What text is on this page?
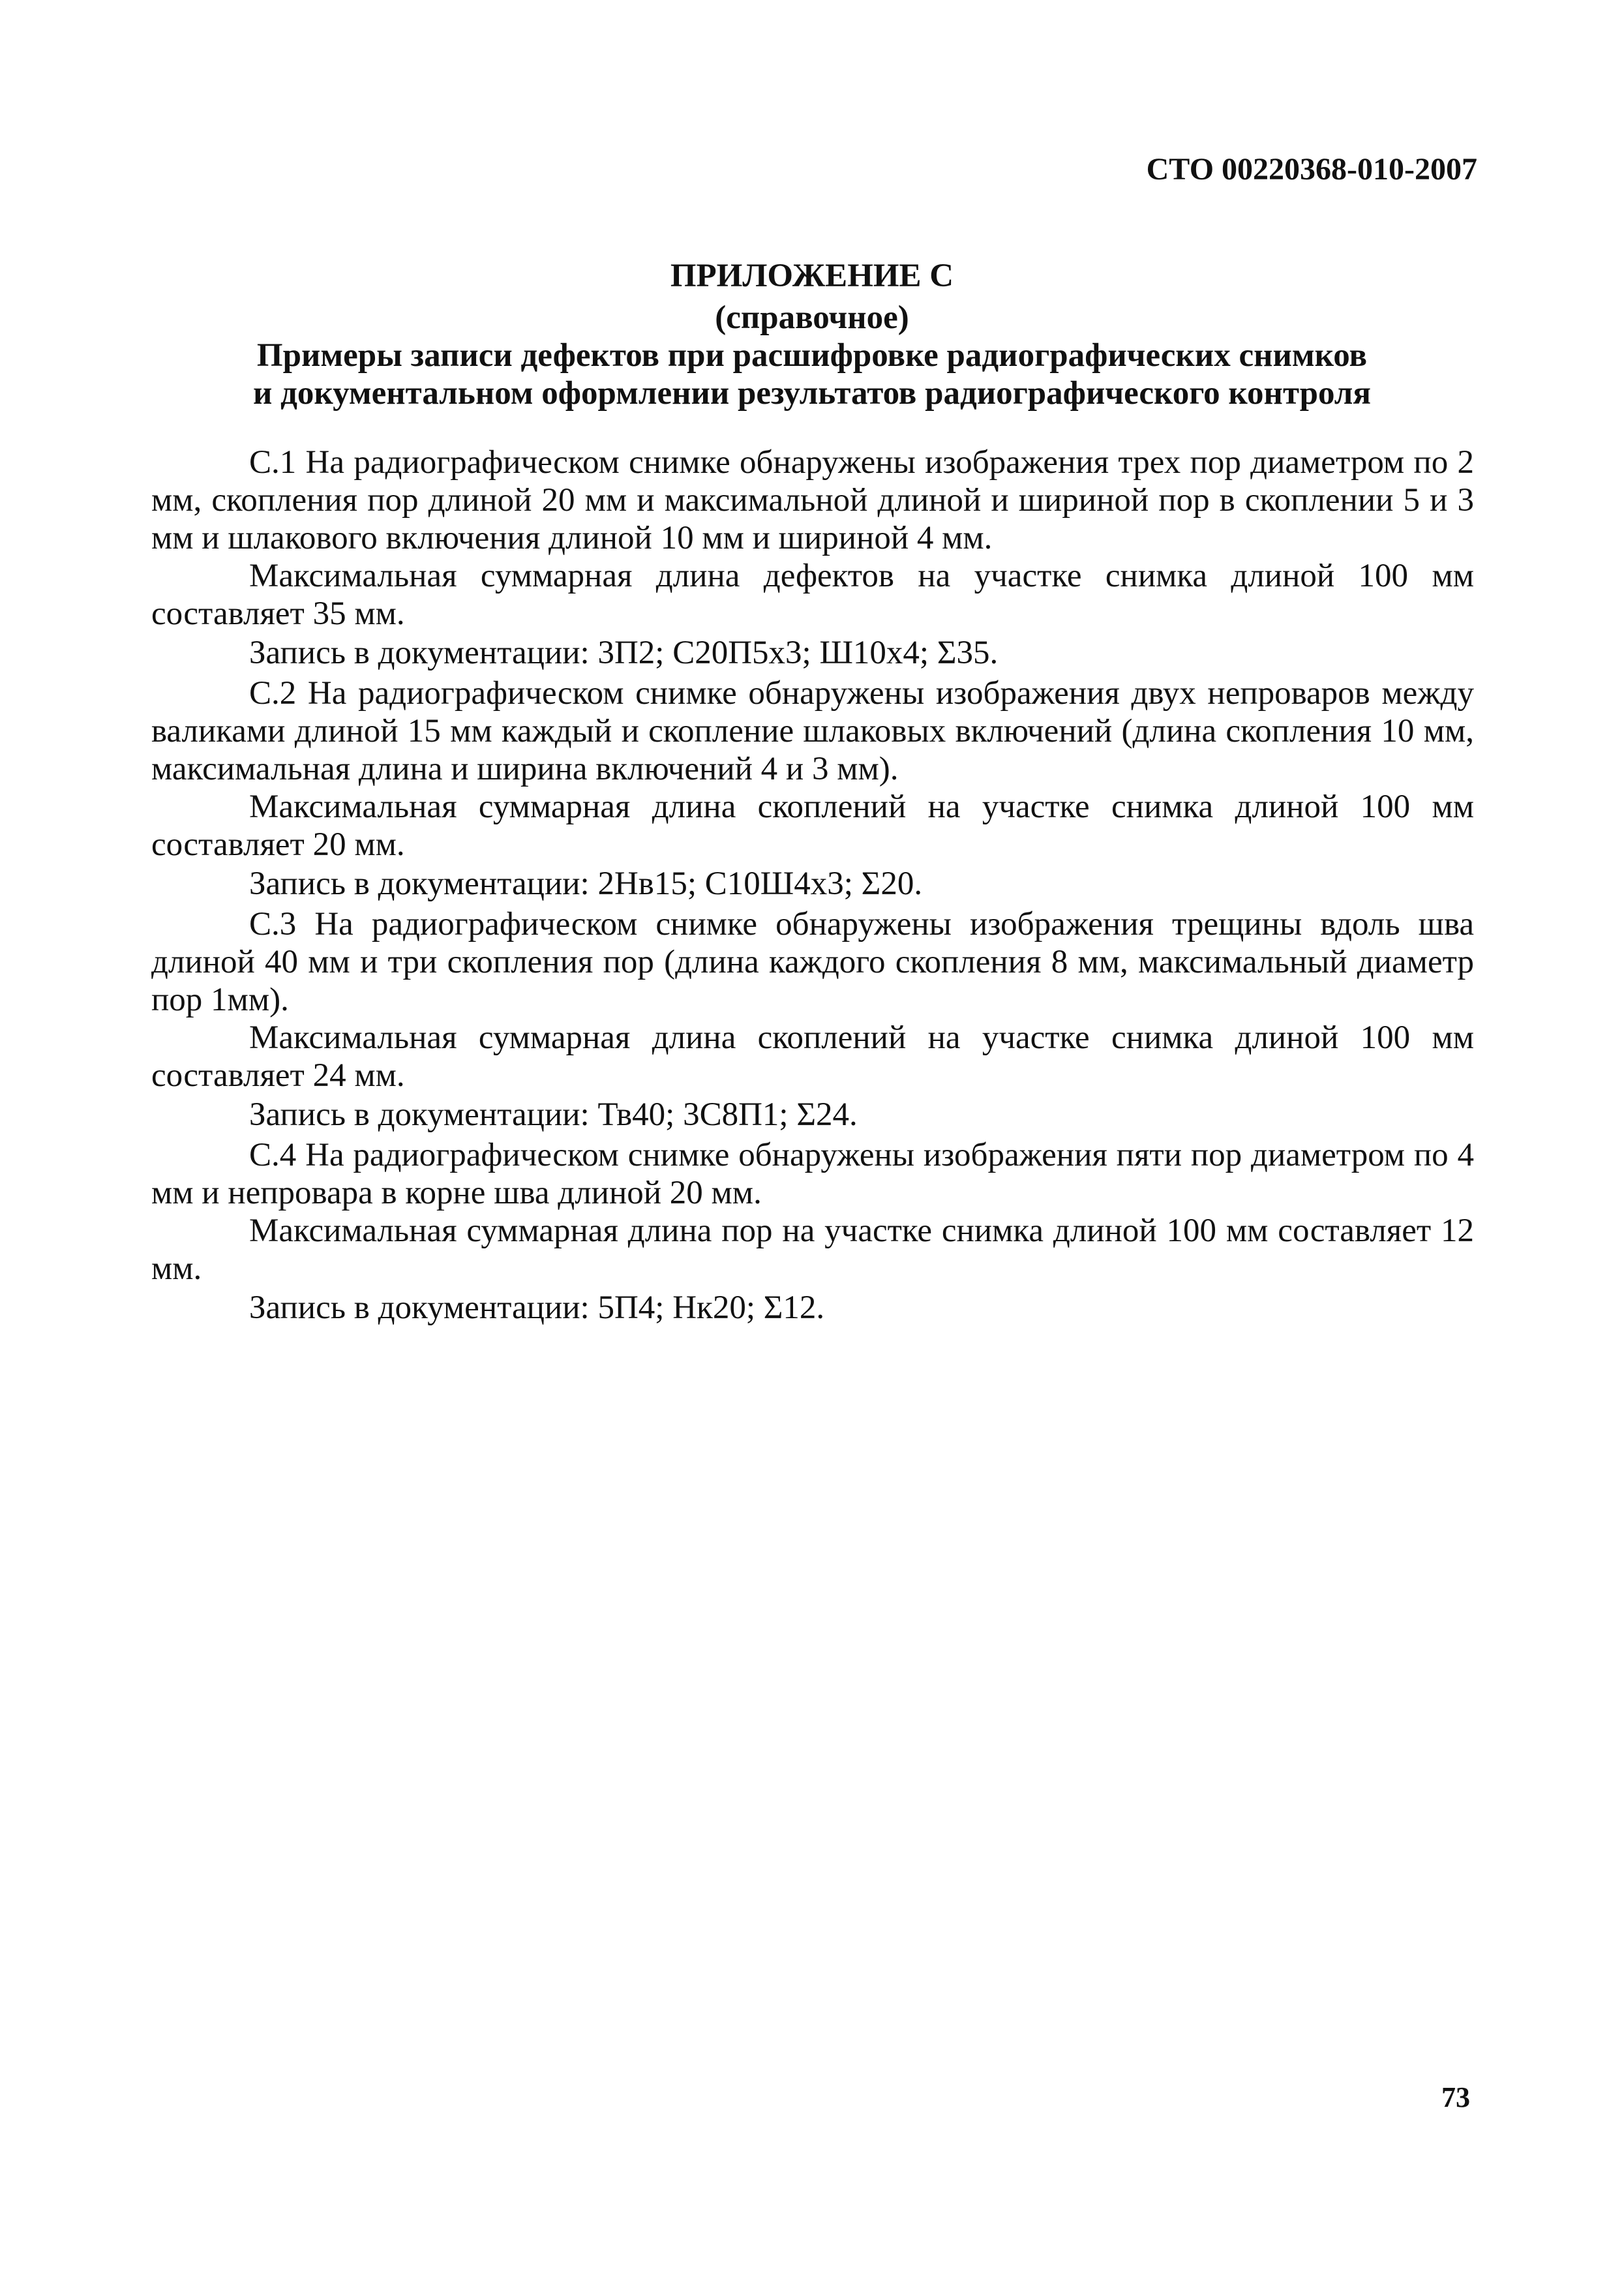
СТО 00220368-010-2007
ПРИЛОЖЕНИЕ С
(справочное)
Примеры записи дефектов при расшифровке радиографических снимков
и документальном оформлении результатов радиографического контроля

С.1 На радиографическом снимке обнаружены изображения трех пор диаметром по 2 мм, скопления пор длиной 20 мм и максимальной длиной и шириной пор в скоплении 5 и 3 мм и шлакового включения длиной 10 мм и шириной 4 мм.

Максимальная суммарная длина дефектов на участке снимка длиной 100 мм составляет 35 мм.

Запись в документации: 3П2; С20П5х3; Ш10х4; Σ35.

С.2 На радиографическом снимке обнаружены изображения двух непроваров между валиками длиной 15 мм каждый и скопление шлаковых включений (длина скопления 10 мм, максимальная длина и ширина включений 4 и 3 мм).

Максимальная суммарная длина скоплений на участке снимка длиной 100 мм составляет 20 мм.

Запись в документации: 2Нв15; С10Ш4х3; Σ20.

С.3 На радиографическом снимке обнаружены изображения трещины вдоль шва длиной 40 мм и три скопления пор (длина каждого скопления 8 мм, максимальный диаметр пор 1мм).

Максимальная суммарная длина скоплений на участке снимка длиной 100 мм составляет 24 мм.

Запись в документации: Тв40; 3С8П1; Σ24.

С.4 На радиографическом снимке обнаружены изображения пяти пор диаметром по 4 мм и непровара в корне шва длиной 20 мм.

Максимальная суммарная длина пор на участке снимка длиной 100 мм составляет 12 мм.

Запись в документации: 5П4; Нк20; Σ12.

73
